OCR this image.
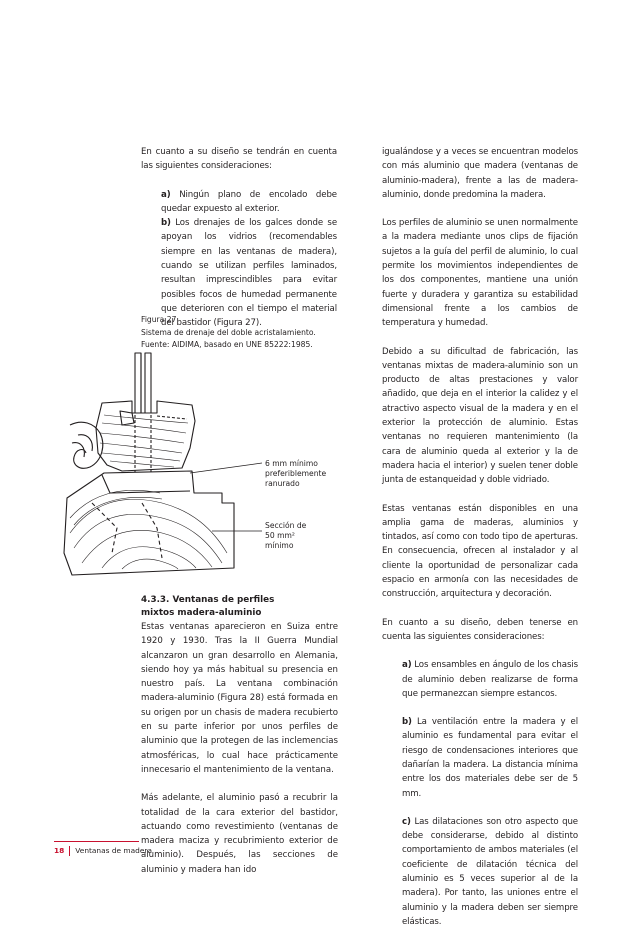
En cuanto a su diseño se tendrán en cuenta las siguientes consideraciones:

a) Ningún plano de encolado debe quedar expuesto al exterior.

b) Los drenajes de los galces donde se apoyan los vidrios (recomendables siempre en las ventanas de madera), cuando se utilizan perfiles laminados, resultan imprescindibles para evitar posibles focos de humedad permanente que deterioren con el tiempo el material del bastidor (Figura 27).

Figura 27
Sistema de drenaje del doble acristalamiento.
Fuente: AIDIMA, basado en UNE 85222:1985.
6 mm mínimo
preferiblemente
ranurado
Sección de
50 mm²
mínimo
4.3.3. Ventanas de perfiles
mixtos madera-aluminio

Estas ventanas aparecieron en Suiza entre 1920 y 1930. Tras la II Guerra Mundial alcanzaron un gran desarrollo en Alemania, siendo hoy ya más habitual su presencia en nuestro país. La ventana combinación madera-aluminio (Figura 28) está formada en su origen por un chasis de madera recubierto en su parte inferior por unos perfiles de aluminio que la protegen de las inclemencias atmosféricas, lo cual hace prácticamente innecesario el mantenimiento de la ventana.

Más adelante, el aluminio pasó a recubrir la totalidad de la cara exterior del bastidor, actuando como revestimiento (ventanas de madera maciza y recubrimiento exterior de aluminio). Después, las secciones de aluminio y madera han ido

igualándose y a veces se encuentran modelos con más aluminio que madera (ventanas de aluminio-madera), frente a las de madera-aluminio, donde predomina la madera.

Los perfiles de aluminio se unen normalmente a la madera mediante unos clips de fijación sujetos a la guía del perfil de aluminio, lo cual permite los movimientos independientes de los dos componentes, mantiene una unión fuerte y duradera y garantiza su estabilidad dimensional frente a los cambios de temperatura y humedad.

Debido a su dificultad de fabricación, las ventanas mixtas de madera-aluminio son un producto de altas prestaciones y valor añadido, que deja en el interior la calidez y el atractivo aspecto visual de la madera y en el exterior la protección de aluminio. Estas ventanas no requieren mantenimiento (la cara de aluminio queda al exterior y la de madera hacia el interior) y suelen tener doble junta de estanqueidad y doble vidriado.

Estas ventanas están disponibles en una amplia gama de maderas, aluminios y tintados, así como con todo tipo de aperturas. En consecuencia, ofrecen al instalador y al cliente la oportunidad de personalizar cada espacio en armonía con las necesidades de construcción, arquitectura y decoración.

En cuanto a su diseño, deben tenerse en cuenta las siguientes consideraciones:

a) Los ensambles en ángulo de los chasis de aluminio deben realizarse de forma que permanezcan siempre estancos.

b) La ventilación entre la madera y el aluminio es fundamental para evitar el riesgo de condensaciones interiores que dañarían la madera. La distancia mínima entre los dos materiales debe ser de 5 mm.

c) Las dilataciones son otro aspecto que debe considerarse, debido al distinto comportamiento de ambos materiales (el coeficiente de dilatación técnica del aluminio es 5 veces superior al de la madera). Por tanto, las uniones entre el aluminio y la madera deben ser siempre elásticas.

18 Ventanas de madera
